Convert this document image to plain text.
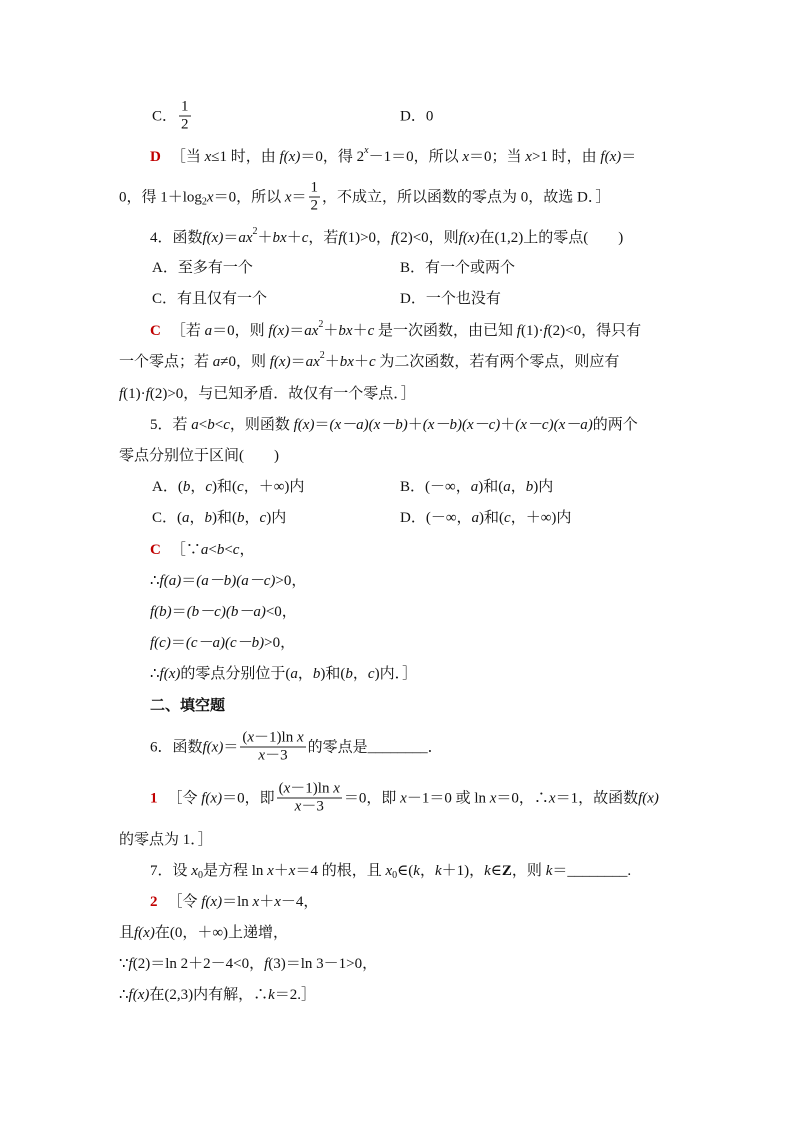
C． $\frac{1}{2}$	D．0
D ［当 x ≤1 时，由 f(x) ＝0，得 2 x －1＝0，所以 x ＝0；当 x >1 时，由 f(x) ＝
0，得 1＋log 2 x ＝0，所以 $x = \frac{1}{2}$ ，不成立，所以函数的零点为 0，故选 D．］
4．函数 f(x) ＝ ax 2 ＋ bx ＋ c ，若 f (1)>0， f (2)<0，则 f(x) 在(1,2)上的零点(　　)
A．至多有一个	B．有一个或两个
C．有且仅有一个	D．一个也没有
C ［若 a ＝0，则 f(x) ＝ ax 2 ＋ bx ＋ c 是一次函数，由已知 f (1)· f (2)<0，得只有
一个零点；若 a ≠0，则 f(x) ＝ ax 2 ＋ bx ＋ c 为二次函数，若有两个零点，则应有
f (1)· f (2)>0，与已知矛盾．故仅有一个零点．］
5．若 a < b < c ，则函数 f(x) ＝ (x－a)(x－b) ＋ (x－b)(x－c) ＋ (x－c)(x－a) 的两个
零点分别位于区间(　　)
A．( b ， c )和( c ，＋∞)内	B．(－∞， a )和( a ， b )内
C．( a ， b )和( b ， c )内	D．(－∞， a )和( c ，＋∞)内
C ［∵ a < b < c ，
∴ f(a) ＝ (a－b)(a－c) >0，
f(b) ＝ (b－c)(b－a) <0，
f(c) ＝ (c－a)(c－b) >0，
∴ f(x) 的零点分别位于( a ， b )和( b ， c )内．］
二、填空题
6．函数 $f(x) = \frac{\text{( x －1)ln x}}{x -3}$ 的零点是________．
1 ［令 f(x) ＝0，即 $\frac{\text{( x －1)ln x}}{x -3} =0$，即 x －1＝0 或 ln x ＝0，∴ x ＝1，故函数 f(x)
的零点为 1．］
7．设 x 0 是方程 ln x ＋ x ＝4 的根，且 x 0 ∈( k ， k ＋1)， k ∈ Z ，则 k ＝________.
2 ［令 f(x) ＝ln x ＋ x －4，
且 f(x) 在(0，＋∞)上递增，
∵ f (2)＝ln 2＋2－4<0， f (3)＝ln 3－1>0，
∴ f(x) 在(2,3)内有解，∴ k ＝2.］
